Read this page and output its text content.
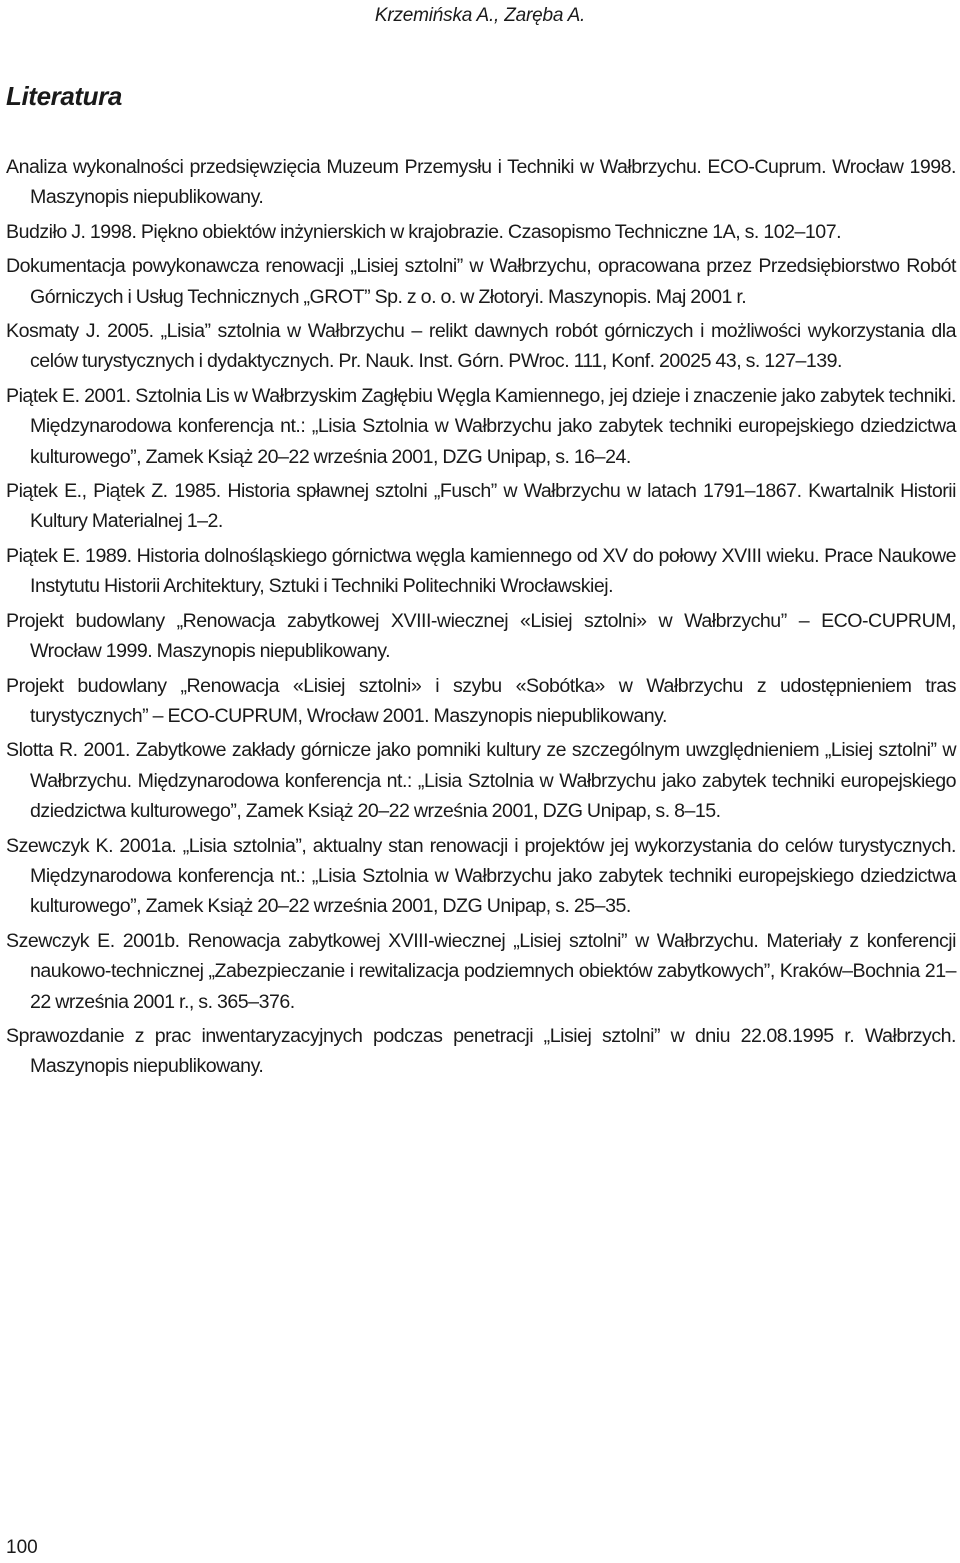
Krzemińska A., Zaręba A.
Literatura
Analiza wykonalności przedsięwzięcia Muzeum Przemysłu i Techniki w Wałbrzychu. ECO-Cuprum. Wrocław 1998. Maszynopis niepublikowany.
Budziło J. 1998. Piękno obiektów inżynierskich w krajobrazie. Czasopismo Techniczne 1A, s. 102–107.
Dokumentacja powykonawcza renowacji „Lisiej sztolni” w Wałbrzychu, opracowana przez Przedsiębiorstwo Robót Górniczych i Usług Technicznych „GROT” Sp. z o. o. w Złotoryi. Maszynopis. Maj 2001 r.
Kosmaty J. 2005. „Lisia” sztolnia w Wałbrzychu – relikt dawnych robót górniczych i możliwości wykorzystania dla celów turystycznych i dydaktycznych. Pr. Nauk. Inst. Górn. PWroc. 111, Konf. 20025 43, s. 127–139.
Piątek E. 2001. Sztolnia Lis w Wałbrzyskim Zagłębiu Węgla Kamiennego, jej dzieje i znaczenie jako zabytek techniki. Międzynarodowa konferencja nt.: „Lisia Sztolnia w Wałbrzychu jako zabytek techniki europejskiego dziedzictwa kulturowego”, Zamek Książ 20–22 września 2001, DZG Unipap, s. 16–24.
Piątek E., Piątek Z. 1985. Historia spławnej sztolni „Fusch” w Wałbrzychu w latach 1791–1867. Kwartalnik Historii Kultury Materialnej 1–2.
Piątek E. 1989. Historia dolnośląskiego górnictwa węgla kamiennego od XV do połowy XVIII wieku. Prace Naukowe Instytutu Historii Architektury, Sztuki i Techniki Politechniki Wrocławskiej.
Projekt budowlany „Renowacja zabytkowej XVIII-wiecznej «Lisiej sztolni» w Wałbrzychu” – ECO-CUPRUM, Wrocław 1999. Maszynopis niepublikowany.
Projekt budowlany „Renowacja «Lisiej sztolni» i szybu «Sobótka» w Wałbrzychu z udostępnieniem tras turystycznych” – ECO-CUPRUM, Wrocław 2001. Maszynopis niepublikowany.
Slotta R. 2001. Zabytkowe zakłady górnicze jako pomniki kultury ze szczególnym uwzględnieniem „Lisiej sztolni” w Wałbrzychu. Międzynarodowa konferencja nt.: „Lisia Sztolnia w Wałbrzychu jako zabytek techniki europejskiego dziedzictwa kulturowego”, Zamek Książ 20–22 września 2001, DZG Unipap, s. 8–15.
Szewczyk K. 2001a. „Lisia sztolnia”, aktualny stan renowacji i projektów jej wykorzystania do celów turystycznych. Międzynarodowa konferencja nt.: „Lisia Sztolnia w Wałbrzychu jako zabytek techniki europejskiego dziedzictwa kulturowego”, Zamek Książ 20–22 września 2001, DZG Unipap, s. 25–35.
Szewczyk E. 2001b. Renowacja zabytkowej XVIII-wiecznej „Lisiej sztolni” w Wałbrzychu. Materiały z konferencji naukowo-technicznej „Zabezpieczanie i rewitalizacja podziemnych obiektów zabytkowych”, Kraków–Bochnia 21–22 września 2001 r., s. 365–376.
Sprawozdanie z prac inwentaryzacyjnych podczas penetracji „Lisiej sztolni” w dniu 22.08.1995 r. Wałbrzych. Maszynopis niepublikowany.
100
